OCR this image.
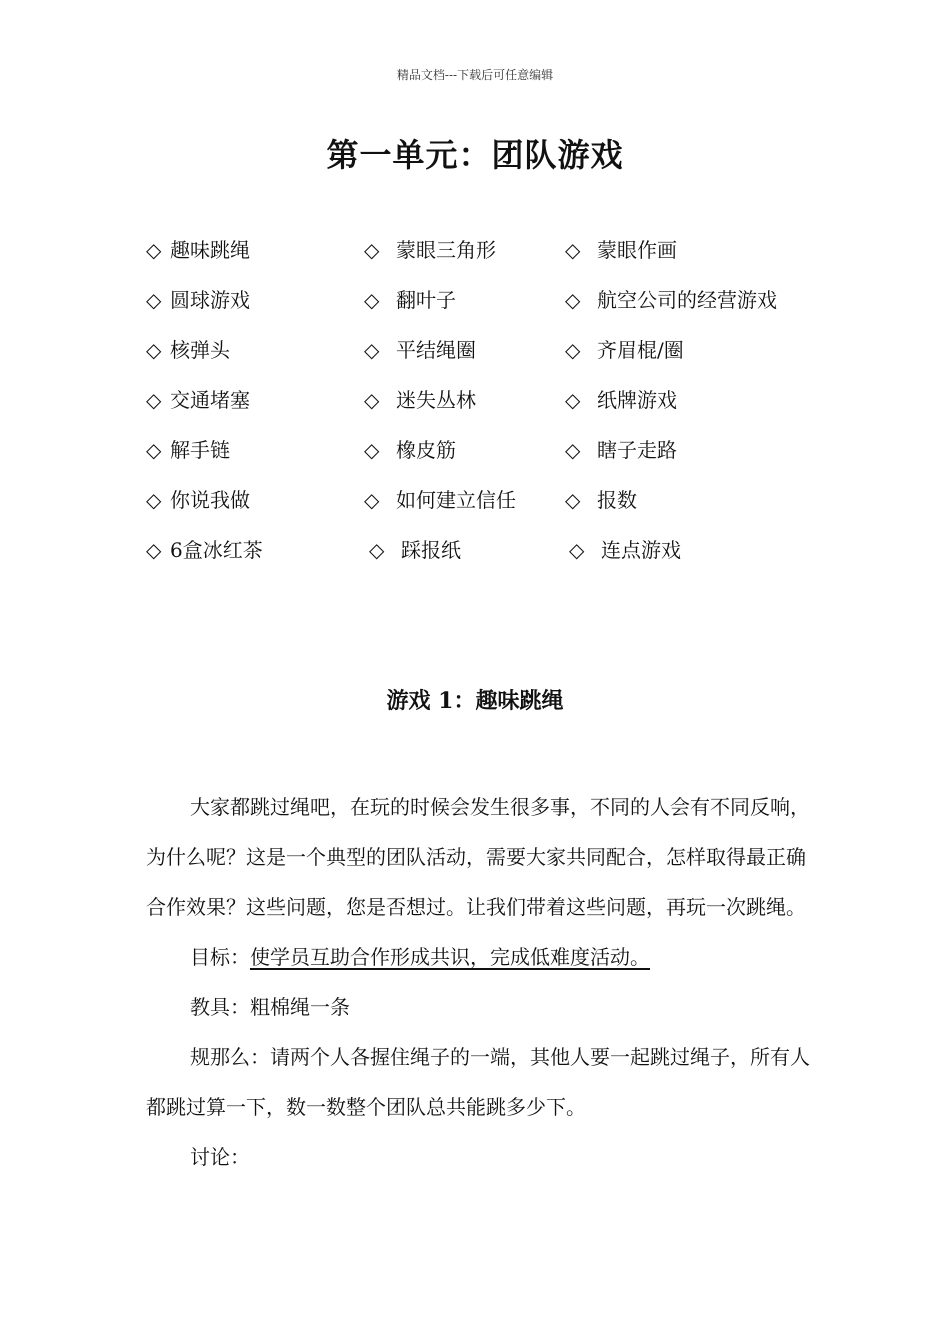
精品文档---下载后可任意编辑
第一单元：团队游戏
◇ 趣味跳绳	◇ 蒙眼三角形	◇ 蒙眼作画
◇ 圆球游戏	◇ 翻叶子	◇ 航空公司的经营游戏
◇ 核弹头	◇ 平结绳圈	◇ 齐眉棍/圈
◇ 交通堵塞	◇ 迷失丛林	◇ 纸牌游戏
◇ 解手链	◇ 橡皮筋	◇ 瞎子走路
◇ 你说我做	◇ 如何建立信任 ◇ 报数
◇ 6盒冰红茶	◇ 踩报纸	◇ 连点游戏
游戏 1：趣味跳绳

大家都跳过绳吧，在玩的时候会发生很多事，不同的人会有不同反响，为什么呢？这是一个典型的团队活动，需要大家共同配合，怎样取得最正确合作效果？这些问题，您是否想过。让我们带着这些问题，再玩一次跳绳。

目标：使学员互助合作形成共识，完成低难度活动。

教具：粗棉绳一条

规那么：请两个人各握住绳子的一端，其他人要一起跳过绳子，所有人都跳过算一下，数一数整个团队总共能跳多少下。

讨论：
